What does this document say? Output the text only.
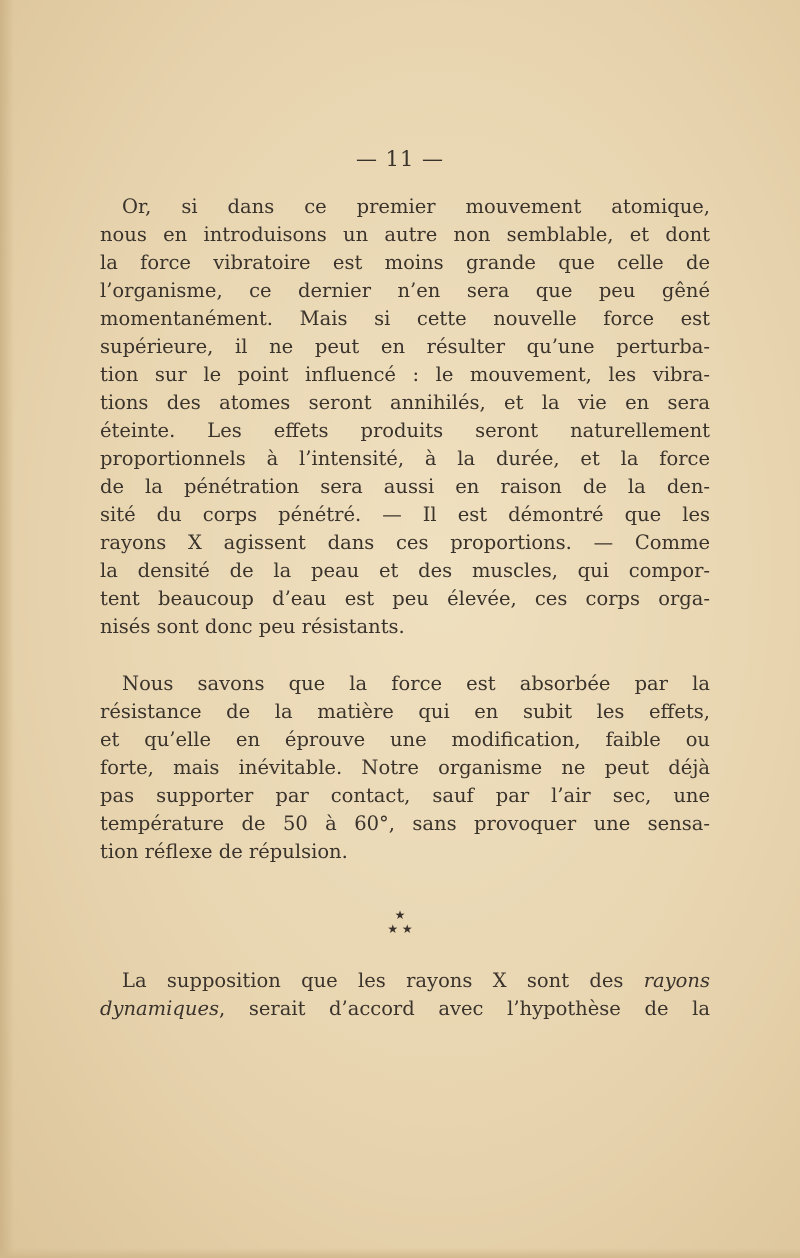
— 11 —
Or, si dans ce premier mouvement atomique,
nous en introduisons un autre non semblable, et dont
la force vibratoire est moins grande que celle de
l’organisme, ce dernier n’en sera que peu gêné
momentanément. Mais si cette nouvelle force est
supérieure, il ne peut en résulter qu’une perturba-
tion sur le point influencé : le mouvement, les vibra-
tions des atomes seront annihilés, et la vie en sera
éteinte. Les effets produits seront naturellement
proportionnels à l’intensité, à la durée, et la force
de la pénétration sera aussi en raison de la den-
sité du corps pénétré. — Il est démontré que les
rayons X agissent dans ces proportions. — Comme
la densité de la peau et des muscles, qui compor-
tent beaucoup d’eau est peu élevée, ces corps orga-
nisés sont donc peu résistants.
Nous savons que la force est absorbée par la
résistance de la matière qui en subit les effets,
et qu’elle en éprouve une modification, faible ou
forte, mais inévitable. Notre organisme ne peut déjà
pas supporter par contact, sauf par l’air sec, une
température de 50 à 60°, sans provoquer une sensa-
tion réflexe de répulsion.
★
★ ★
La supposition que les rayons X sont des rayons
dynamiques, serait d’accord avec l’hypothèse de la
